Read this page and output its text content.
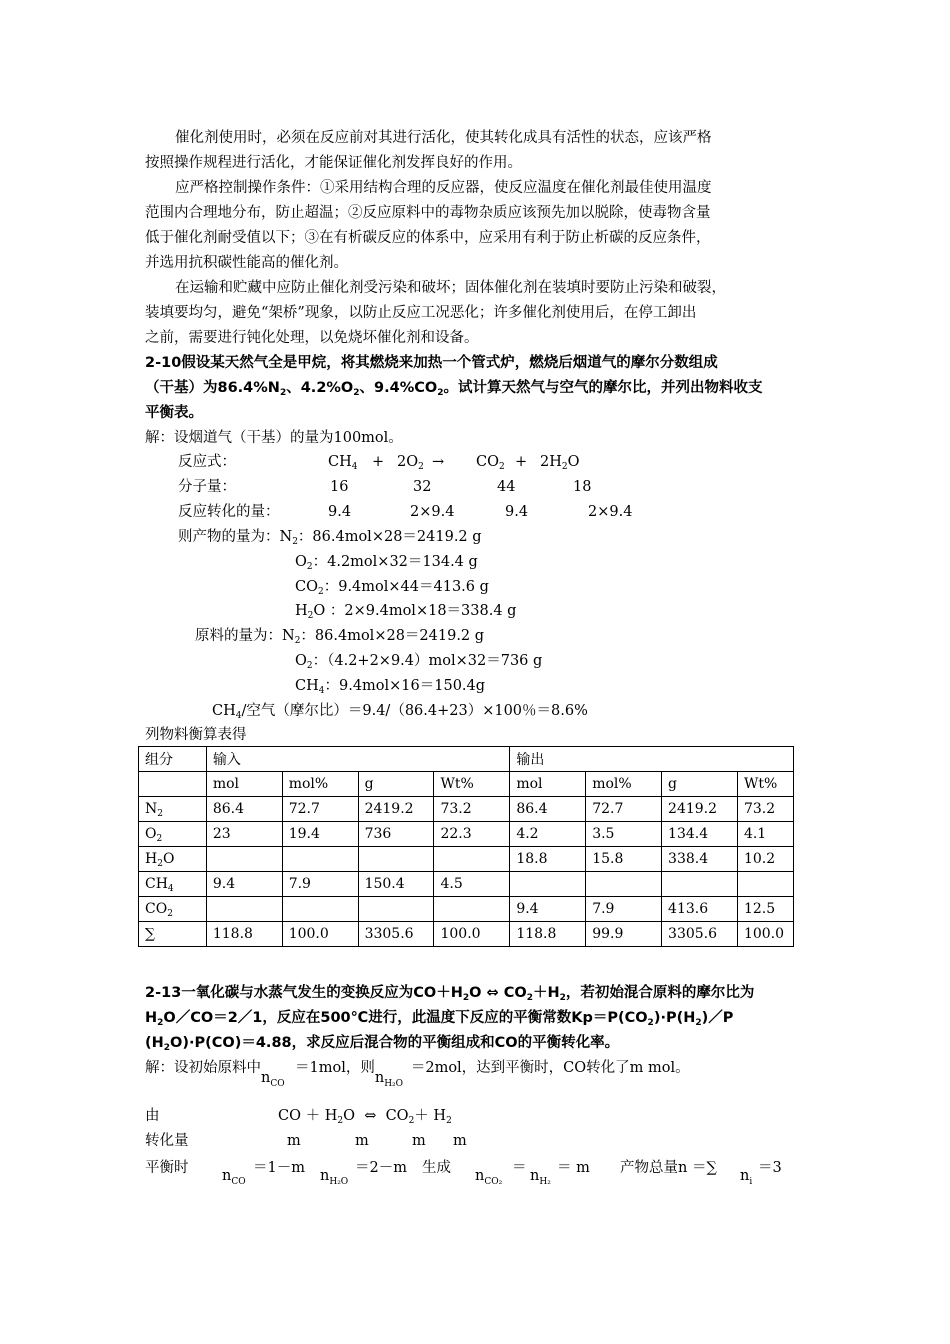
催化剂使用时，必须在反应前对其进行活化，使其转化成具有活性的状态，应该严格
按照操作规程进行活化，才能保证催化剂发挥良好的作用。
应严格控制操作条件：①采用结构合理的反应器，使反应温度在催化剂最佳使用温度
范围内合理地分布，防止超温；②反应原料中的毒物杂质应该预先加以脱除，使毒物含量
低于催化剂耐受值以下；③在有析碳反应的体系中，应采用有利于防止析碳的反应条件，
并选用抗积碳性能高的催化剂。
在运输和贮藏中应防止催化剂受污染和破坏；固体催化剂在装填时要防止污染和破裂，
装填要均匀，避免“架桥”现象，以防止反应工况恶化；许多催化剂使用后，在停工卸出
之前，需要进行钝化处理，以免烧坏催化剂和设备。
2-10假设某天然气全是甲烷，将其燃烧来加热一个管式炉，燃烧后烟道气的摩尔分数组成
（干基）为$86.4\%N_2$、$4.2\%O_2$、$9.4\%CO_2$。试计算天然气与空气的摩尔比，并列出物料收支
平衡表。
解：设烟道气（干基）的量为100mol。
反应式：	$CH_4 + 2O_2 \to CO_2 + 2H_2O$
分子量：	16	32	44	18
反应转化的量：	9.4	2×9.4	9.4	2×9.4
则产物的量为：$N_2$：86.4mol×28＝2419.2 g
$O_2$：4.2mol×32＝134.4 g
$CO_2$：9.4mol×44＝413.6 g
$H_2O$ ：2×9.4mol×18＝338.4 g
原料的量为：$N_2$：86.4mol×28＝2419.2 g
$O_2$：（4.2+2×9.4）mol×32＝736 g
$CH_4$：9.4mol×16＝150.4g
$CH_4/$空气（摩尔比）＝9.4/（86.4+23）×100％＝8.6%
列物料衡算表得
组分	输入				输出			
	mol	mol%	g	Wt%	mol	mol%	g	Wt%
$N_2$	86.4	72.7	2419.2	73.2	86.4	72.7	2419.2	73.2
$O_2$	23	19.4	736	22.3	4.2	3.5	134.4	4.1
$H_2O$					18.8	15.8	338.4	10.2
$CH_4$	9.4	7.9	150.4	4.5				
$CO_2$					9.4	7.9	413.6	12.5
∑	118.8	100.0	3305.6	100.0	118.8	99.9	3305.6	100.0
2-13一氧化碳与水蒸气发生的变换反应为$CO+H_2O$ ⇔ $CO_2+H_2$，若初始混合原料的摩尔比为
$H_2O/CO=2/1$，反应在500℃进行，此温度下反应的平衡常数$Kp=P(CO_2)\cdot P(H_2)/P$
$(H_2O)\cdot P(CO)=4.88$，求反应后混合物的平衡组成和CO的平衡转化率。
解：设初始原料中$n_{CO}=1mol$，则$n_{H_2O}=2mol$，达到平衡时，CO转化了m mol。
由	CO ＋ $H_2O$ ⇔ $CO_2+ H_2$
转化量	m	m	m m
平衡时 $n_{CO}$
＝1－m $n_{H_2O}$
＝2－m 生成 $n_{CO_2}$
＝ $n_{H_2}$
＝ m 产物总量n ＝∑ $n_i$
＝3
